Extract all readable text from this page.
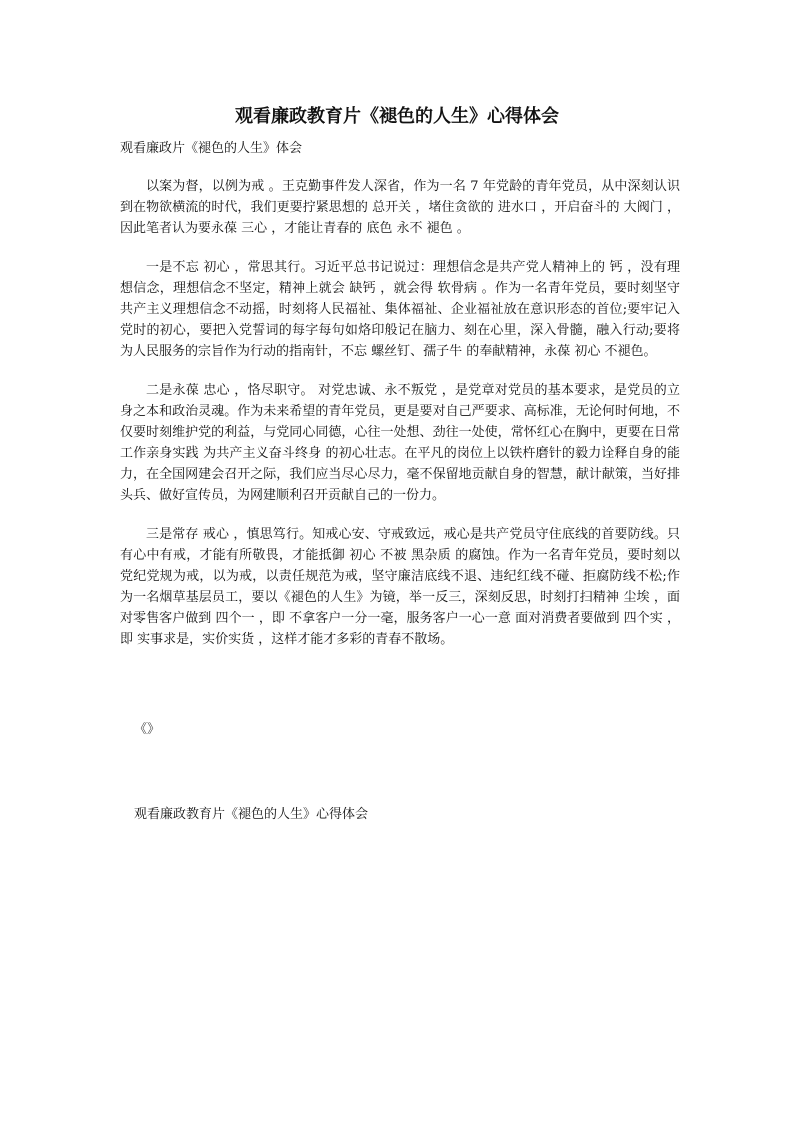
观看廉政教育片《褪色的人生》心得体会

观看廉政片《褪色的人生》体会

以案为督，以例为戒 。王克勤事件发人深省，作为一名 7 年党龄的青年党员，从中深刻认识到在物欲横流的时代，我们更要拧紧思想的 总开关 ，堵住贪欲的 进水口 ，开启奋斗的 大阀门 ，因此笔者认为要永葆 三心 ，才能让青春的 底色 永不 褪色 。

一是不忘 初心 ，常思其行。习近平总书记说过：理想信念是共产党人精神上的 钙 ，没有理想信念，理想信念不坚定，精神上就会 缺钙 ，就会得 软骨病 。作为一名青年党员，要时刻坚守共产主义理想信念不动摇，时刻将人民福祉、集体福祉、企业福祉放在意识形态的首位;要牢记入党时的初心，要把入党誓词的每字每句如烙印般记在脑力、刻在心里，深入骨髓，融入行动;要将为人民服务的宗旨作为行动的指南针，不忘 螺丝钉、孺子牛 的奉献精神，永葆 初心 不褪色。

二是永葆 忠心 ，恪尽职守。 对党忠诚、永不叛党 ，是党章对党员的基本要求，是党员的立身之本和政治灵魂。作为未来希望的青年党员，更是要对自己严要求、高标准，无论何时何地，不仅要时刻维护党的利益，与党同心同德，心往一处想、劲往一处使，常怀红心在胸中，更要在日常工作亲身实践 为共产主义奋斗终身 的初心壮志。在平凡的岗位上以铁杵磨针的毅力诠释自身的能力，在全国网建会召开之际，我们应当尽心尽力，毫不保留地贡献自身的智慧，献计献策，当好排头兵、做好宣传员，为网建顺利召开贡献自己的一份力。

三是常存 戒心 ，慎思笃行。知戒心安、守戒致远，戒心是共产党员守住底线的首要防线。只有心中有戒，才能有所敬畏，才能抵御 初心 不被 黑杂质 的腐蚀。作为一名青年党员，要时刻以党纪党规为戒，以为戒，以责任规范为戒，坚守廉洁底线不退、违纪红线不碰、拒腐防线不松;作为一名烟草基层员工，要以《褪色的人生》为镜，举一反三，深刻反思，时刻打扫精神 尘埃 ，面对零售客户做到 四个一 ，即 不拿客户一分一毫，服务客户一心一意 面对消费者要做到 四个实 ，即 实事求是，实价实货 ，这样才能才多彩的青春不散场。

《》

观看廉政教育片《褪色的人生》心得体会
